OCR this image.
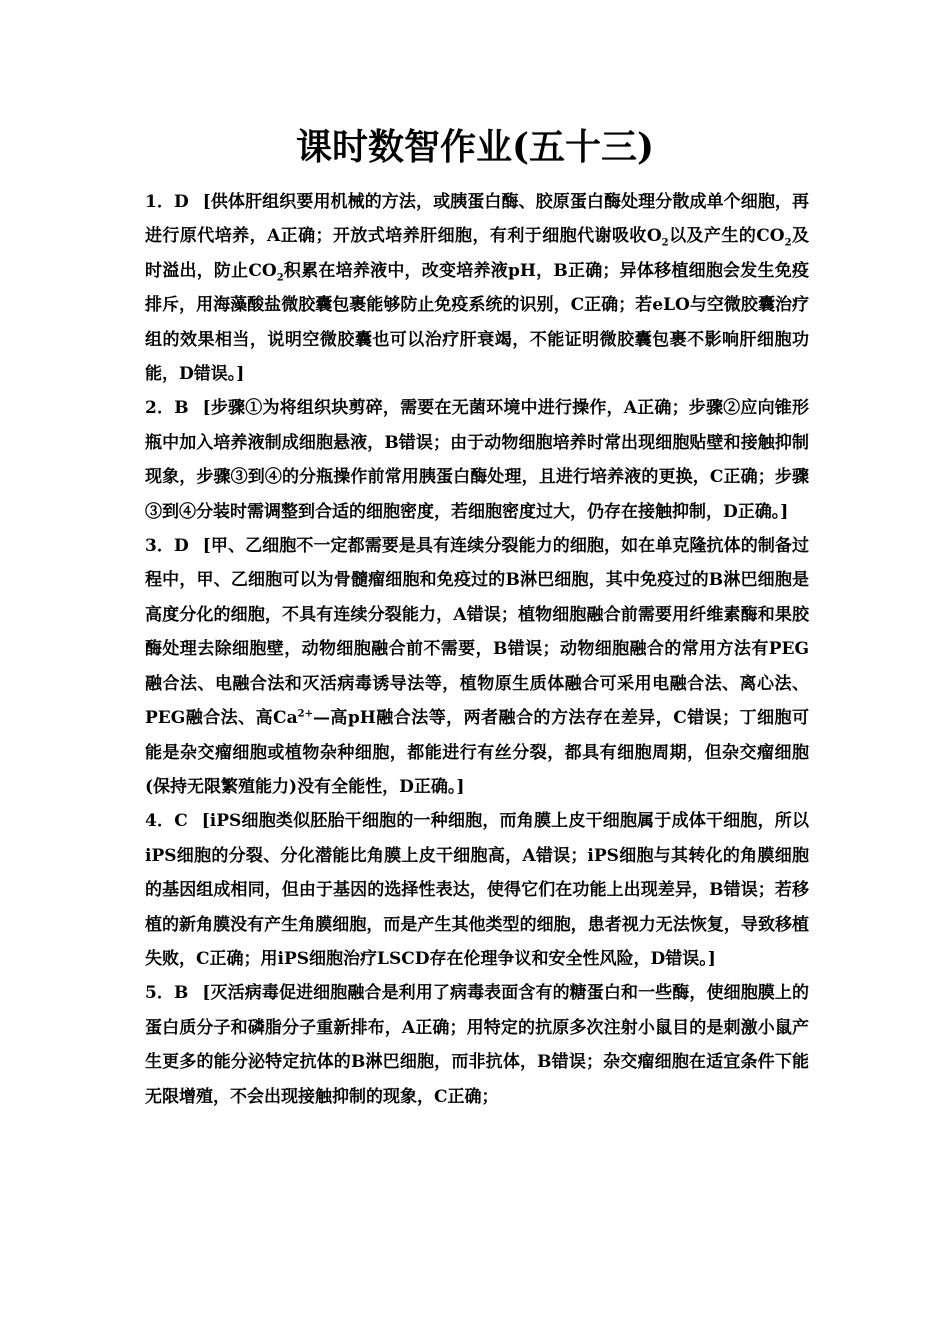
课时数智作业(五十三)

1．D [供体肝组织要用机械的方法，或胰蛋白酶、胶原蛋白酶处理分散成单个细胞，再进行原代培养，A正确；开放式培养肝细胞，有利于细胞代谢吸收$O_2$以及产生的$CO_2$及时溢出，防止$CO_2$积累在培养液中，改变培养液pH，B正确；异体移植细胞会发生免疫排斥，用海藻酸盐微胶囊包裹能够防止免疫系统的识别，C正确；若eLO与空微胶囊治疗组的效果相当，说明空微胶囊也可以治疗肝衰竭，不能证明微胶囊包裹不影响肝细胞功能，D错误。]

2．B [步骤①为将组织块剪碎，需要在无菌环境中进行操作，A正确；步骤②应向锥形瓶中加入培养液制成细胞悬液，B错误；由于动物细胞培养时常出现细胞贴壁和接触抑制现象，步骤③到④的分瓶操作前常用胰蛋白酶处理，且进行培养液的更换，C正确；步骤③到④分装时需调整到合适的细胞密度，若细胞密度过大，仍存在接触抑制，D正确。]

3．D [甲、乙细胞不一定都需要是具有连续分裂能力的细胞，如在单克隆抗体的制备过程中，甲、乙细胞可以为骨髓瘤细胞和免疫过的B淋巴细胞，其中免疫过的B淋巴细胞是高度分化的细胞，不具有连续分裂能力，A错误；植物细胞融合前需要用纤维素酶和果胶酶处理去除细胞壁，动物细胞融合前不需要，B错误；动物细胞融合的常用方法有PEG融合法、电融合法和灭活病毒诱导法等，植物原生质体融合可采用电融合法、离心法、PEG融合法、高$Ca^{2+}—$高pH融合法等，两者融合的方法存在差异，C错误；丁细胞可能是杂交瘤细胞或植物杂种细胞，都能进行有丝分裂，都具有细胞周期，但杂交瘤细胞(保持无限繁殖能力)没有全能性，D正确。]

4．C [iPS细胞类似胚胎干细胞的一种细胞，而角膜上皮干细胞属于成体干细胞，所以iPS细胞的分裂、分化潜能比角膜上皮干细胞高，A错误；iPS细胞与其转化的角膜细胞的基因组成相同，但由于基因的选择性表达，使得它们在功能上出现差异，B错误；若移植的新角膜没有产生角膜细胞，而是产生其他类型的细胞，患者视力无法恢复，导致移植失败，C正确；用iPS细胞治疗LSCD存在伦理争议和安全性风险，D错误。]

5．B [灭活病毒促进细胞融合是利用了病毒表面含有的糖蛋白和一些酶，使细胞膜上的蛋白质分子和磷脂分子重新排布，A正确；用特定的抗原多次注射小鼠目的是刺激小鼠产生更多的能分泌特定抗体的B淋巴细胞，而非抗体，B错误；杂交瘤细胞在适宜条件下能无限增殖，不会出现接触抑制的现象，C正确；
